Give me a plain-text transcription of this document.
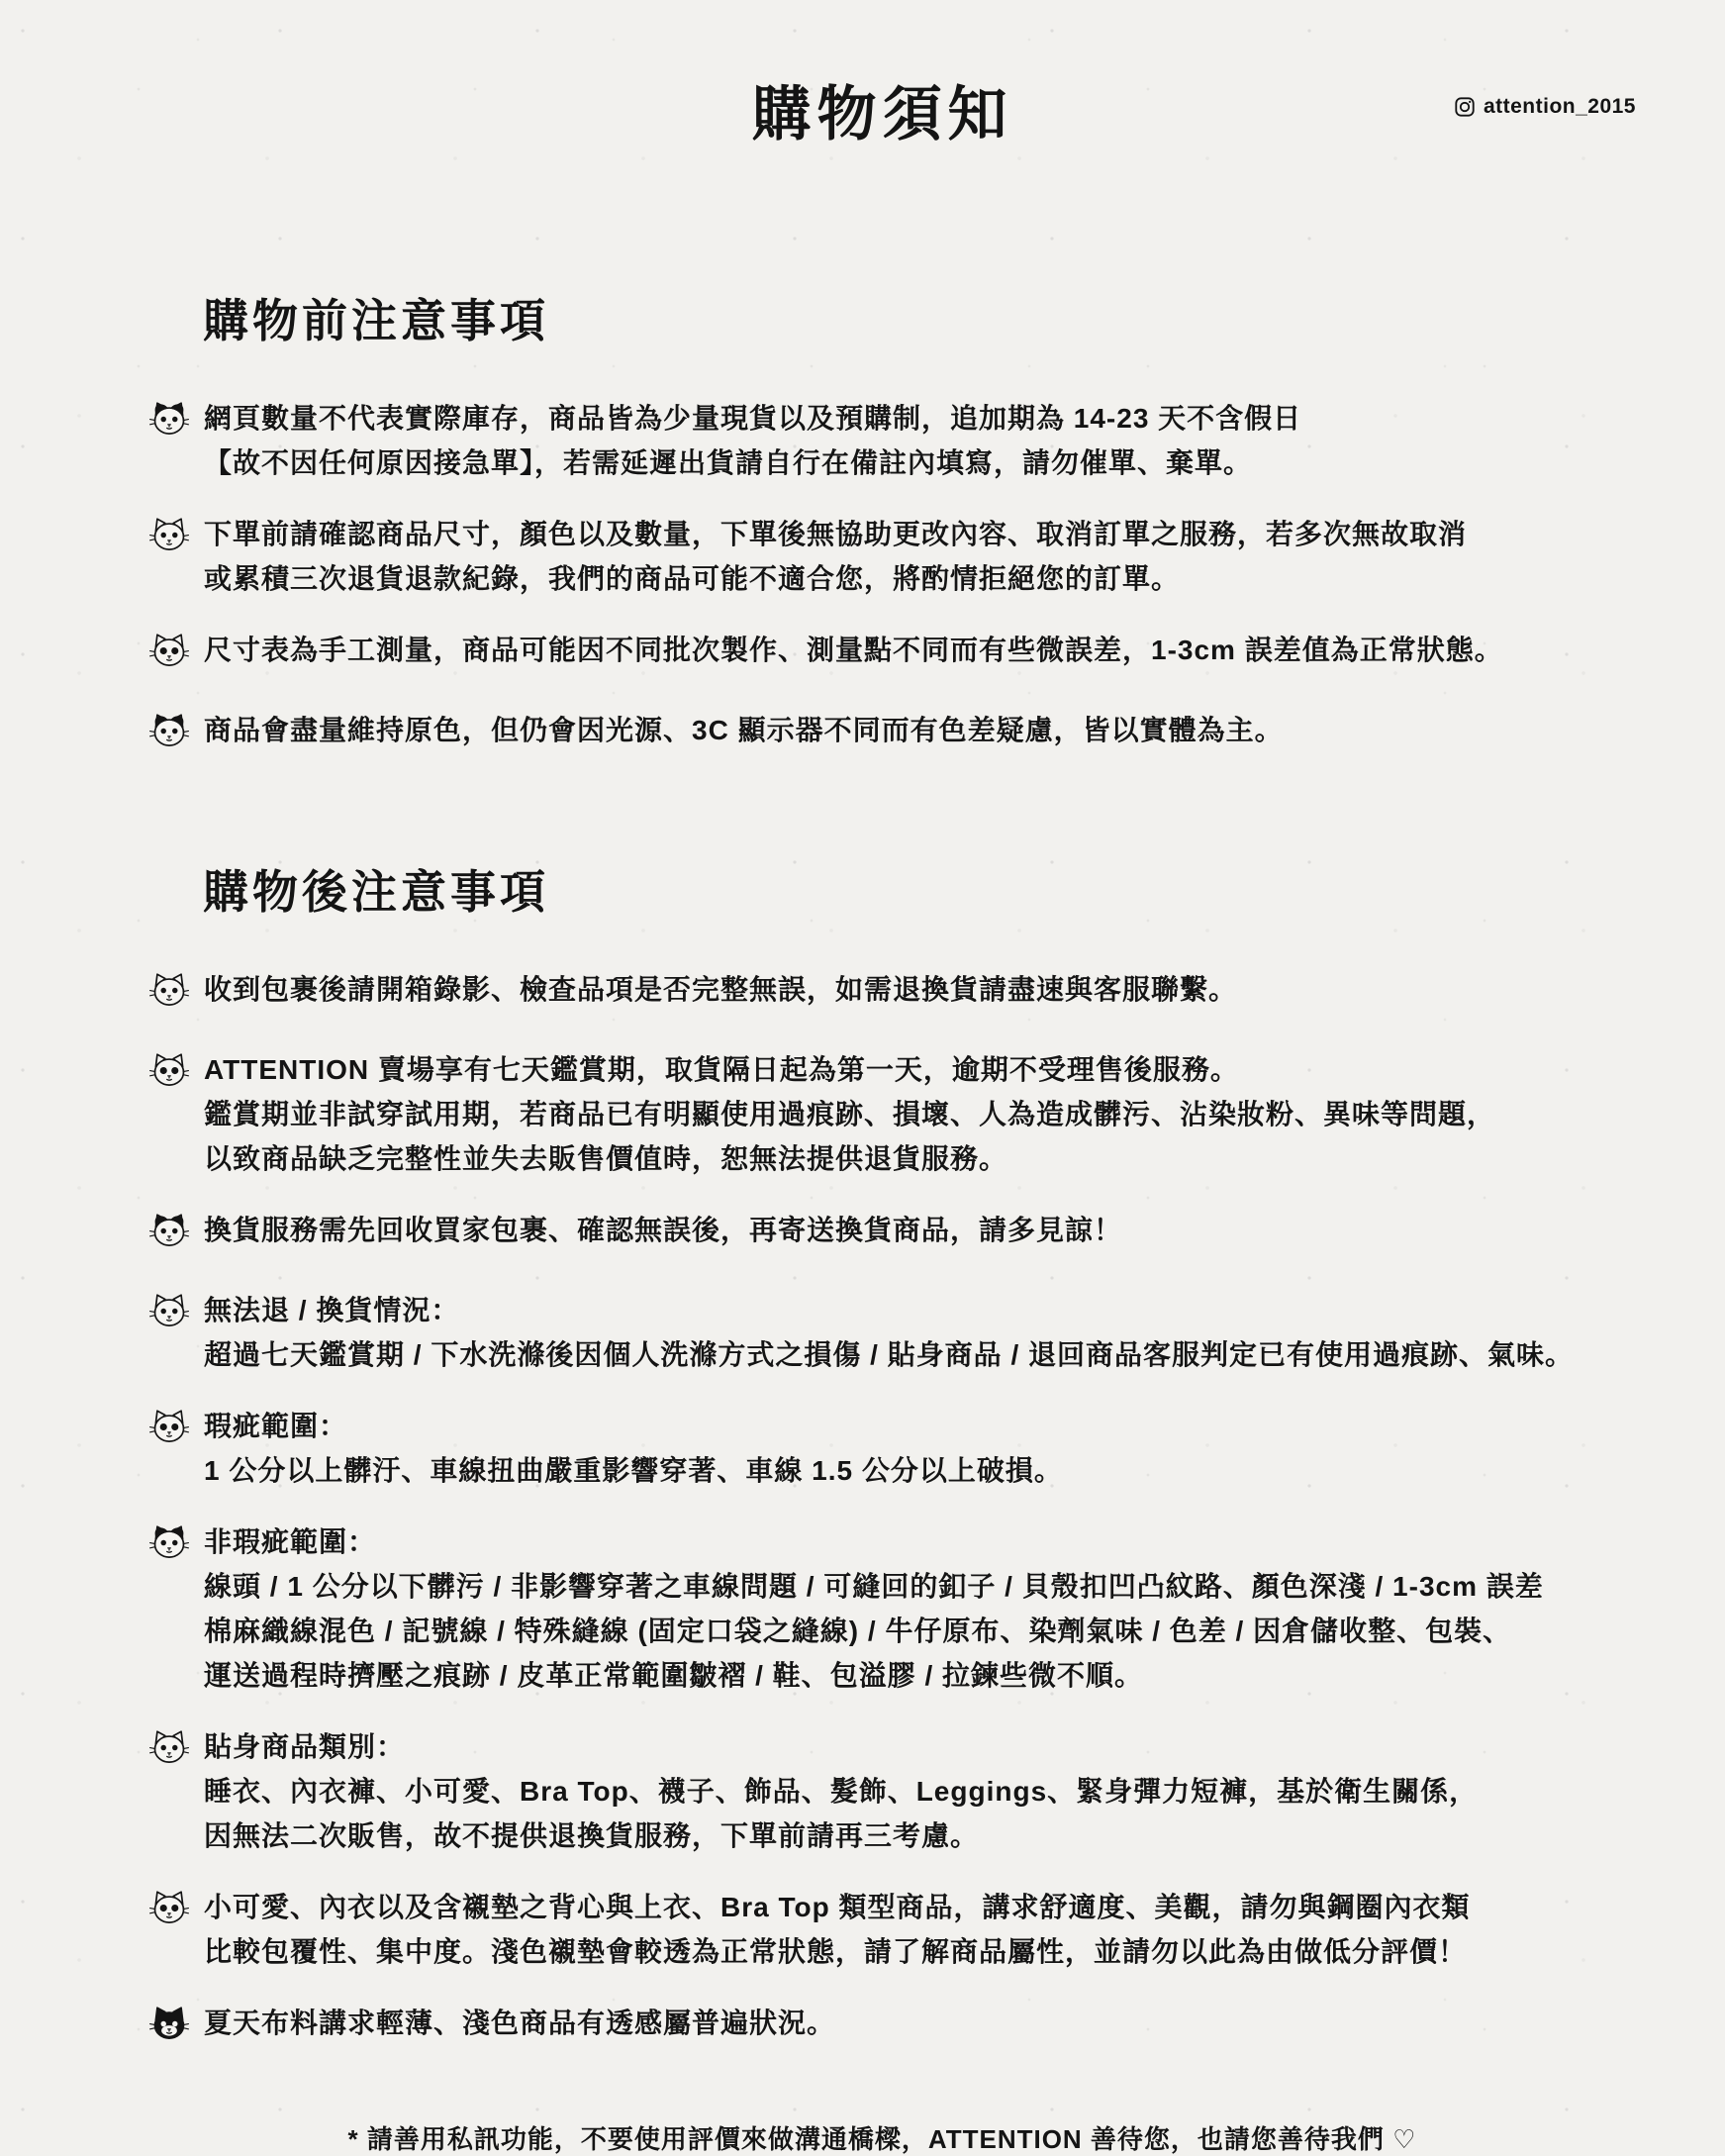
購物須知	attention_2015
購物前注意事項
網頁數量不代表實際庫存，商品皆為少量現貨以及預購制，追加期為 14-23 天不含假日
【故不因任何原因接急單】，若需延遲出貨請自行在備註內填寫，請勿催單、棄單。
下單前請確認商品尺寸，顏色以及數量，下單後無協助更改內容、取消訂單之服務，若多次無故取消
或累積三次退貨退款紀錄，我們的商品可能不適合您，將酌情拒絕您的訂單。
尺寸表為手工測量，商品可能因不同批次製作、測量點不同而有些微誤差，1-3cm 誤差值為正常狀態。
商品會盡量維持原色，但仍會因光源、3C 顯示器不同而有色差疑慮，皆以實體為主。
購物後注意事項
收到包裹後請開箱錄影、檢查品項是否完整無誤，如需退換貨請盡速與客服聯繫。
ATTENTION 賣場享有七天鑑賞期，取貨隔日起為第一天，逾期不受理售後服務。
鑑賞期並非試穿試用期，若商品已有明顯使用過痕跡、損壞、人為造成髒污、沾染妝粉、異味等問題，
以致商品缺乏完整性並失去販售價值時，恕無法提供退貨服務。
換貨服務需先回收買家包裹、確認無誤後，再寄送換貨商品，請多見諒！
無法退 / 換貨情況：
超過七天鑑賞期 / 下水洗滌後因個人洗滌方式之損傷 / 貼身商品 / 退回商品客服判定已有使用過痕跡、氣味。
瑕疵範圍：
1 公分以上髒汙、車線扭曲嚴重影響穿著、車線 1.5 公分以上破損。
非瑕疵範圍：
線頭 / 1 公分以下髒污 / 非影響穿著之車線問題 / 可縫回的釦子 / 貝殼扣凹凸紋路、顏色深淺 / 1-3cm 誤差
棉麻織線混色 / 記號線 / 特殊縫線 (固定口袋之縫線) / 牛仔原布、染劑氣味 / 色差 / 因倉儲收整、包裝、
運送過程時擠壓之痕跡 / 皮革正常範圍皺褶 / 鞋、包溢膠 / 拉鍊些微不順。
貼身商品類別：
睡衣、內衣褲、小可愛、Bra Top、襪子、飾品、髮飾、Leggings、緊身彈力短褲，基於衛生關係，
因無法二次販售，故不提供退換貨服務，下單前請再三考慮。
小可愛、內衣以及含襯墊之背心與上衣、Bra Top 類型商品，講求舒適度、美觀，請勿與鋼圈內衣類
比較包覆性、集中度。淺色襯墊會較透為正常狀態，請了解商品屬性，並請勿以此為由做低分評價！
夏天布料講求輕薄、淺色商品有透感屬普遍狀況。
* 請善用私訊功能，不要使用評價來做溝通橋樑，ATTENTION 善待您，也請您善待我們 ♡
